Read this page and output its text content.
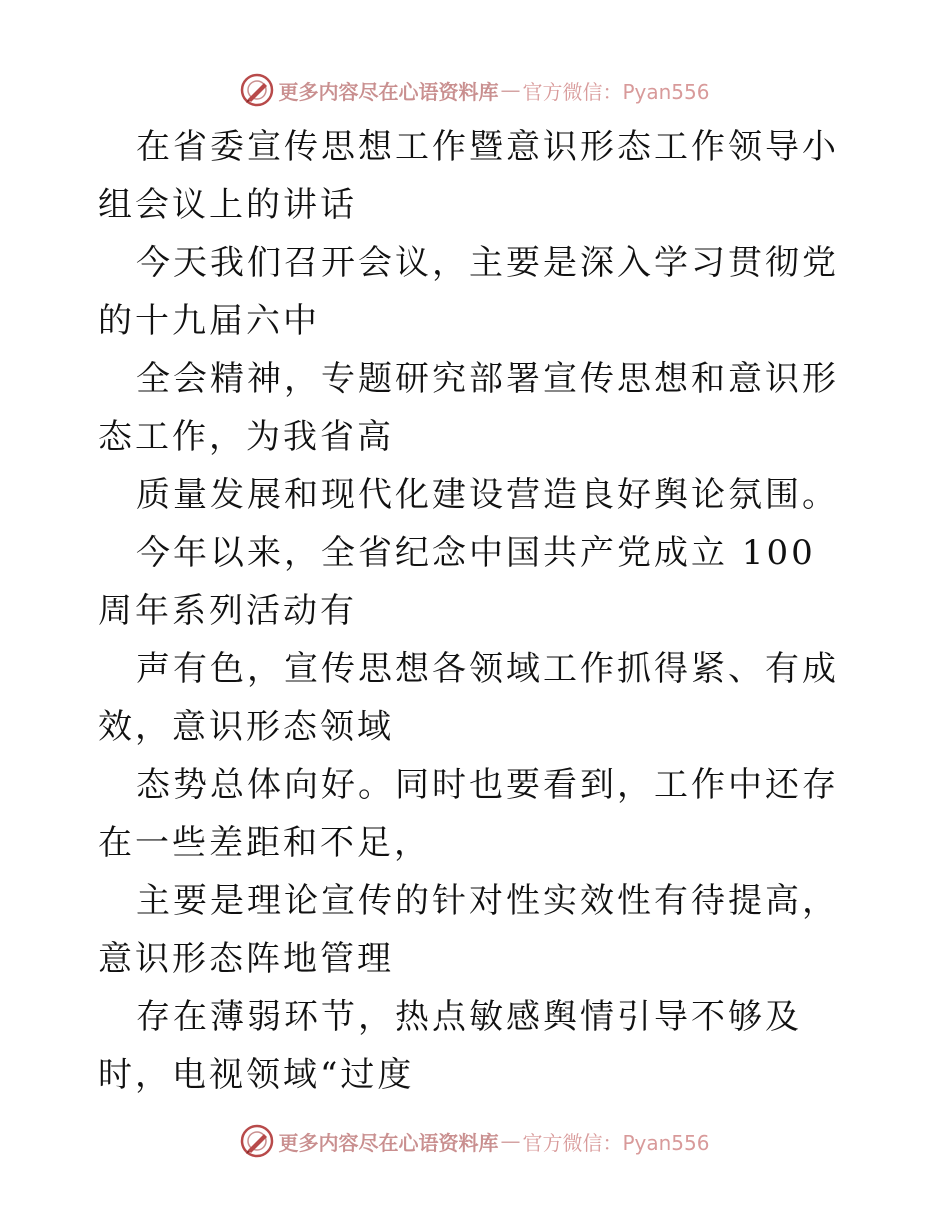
更多内容尽在心语资料库 — 官方微信：Pyan556

在省委宣传思想工作暨意识形态工作领导小组会议上的讲话

今天我们召开会议，主要是深入学习贯彻党的十九届六中

全会精神，专题研究部署宣传思想和意识形态工作，为我省高

质量发展和现代化建设营造良好舆论氛围。

今年以来，全省纪念中国共产党成立 100 周年系列活动有

声有色，宣传思想各领域工作抓得紧、有成效，意识形态领域

态势总体向好。同时也要看到，工作中还存在一些差距和不足，

主要是理论宣传的针对性实效性有待提高，意识形态阵地管理

存在薄弱环节，热点敏感舆情引导不够及时，电视领域“过度

更多内容尽在心语资料库 — 官方微信：Pyan556
